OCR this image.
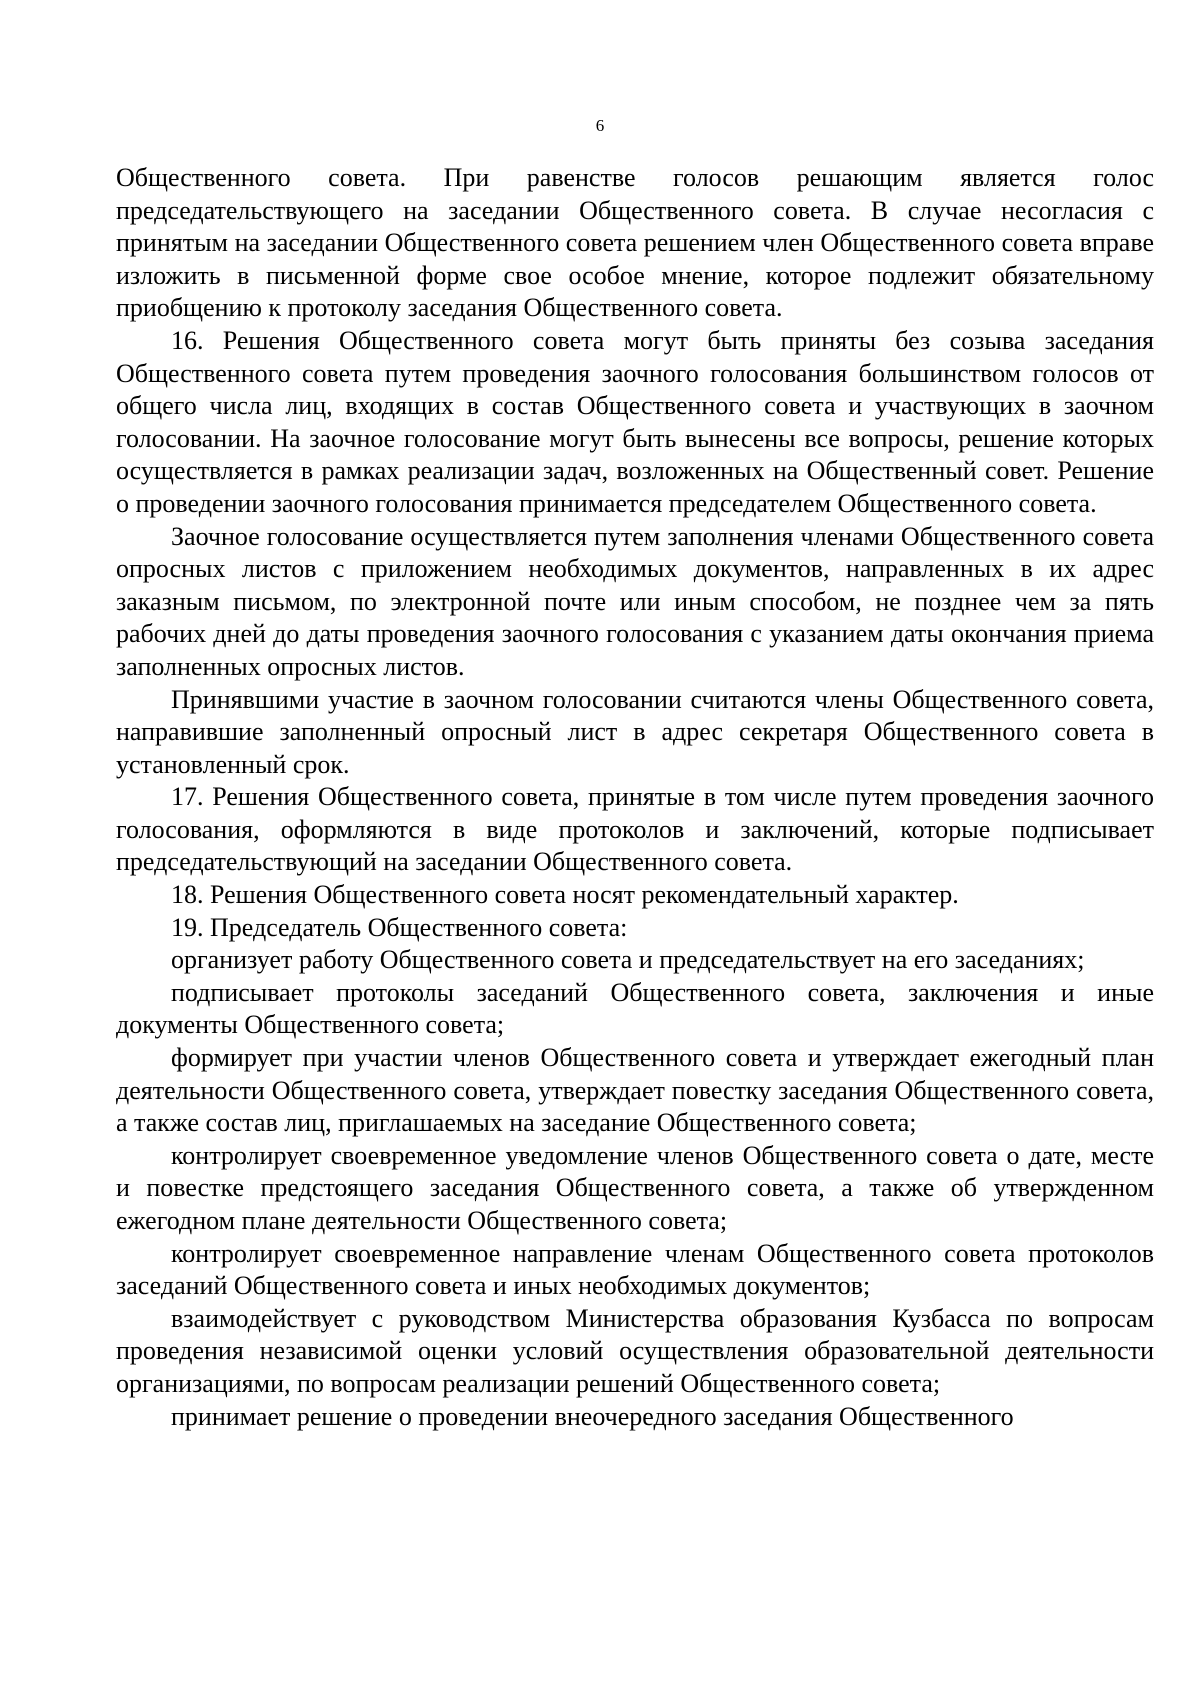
6

Общественного совета. При равенстве голосов решающим является голос председательствующего на заседании Общественного совета. В случае несогласия с принятым на заседании Общественного совета решением член Общественного совета вправе изложить в письменной форме свое особое мнение, которое подлежит обязательному приобщению к протоколу заседания Общественного совета.

16. Решения Общественного совета могут быть приняты без созыва заседания Общественного совета путем проведения заочного голосования большинством голосов от общего числа лиц, входящих в состав Общественного совета и участвующих в заочном голосовании. На заочное голосование могут быть вынесены все вопросы, решение которых осуществляется в рамках реализации задач, возложенных на Общественный совет. Решение о проведении заочного голосования принимается председателем Общественного совета.

Заочное голосование осуществляется путем заполнения членами Общественного совета опросных листов с приложением необходимых документов, направленных в их адрес заказным письмом, по электронной почте или иным способом, не позднее чем за пять рабочих дней до даты проведения заочного голосования с указанием даты окончания приема заполненных опросных листов.

Принявшими участие в заочном голосовании считаются члены Общественного совета, направившие заполненный опросный лист в адрес секретаря Общественного совета в установленный срок.

17. Решения Общественного совета, принятые в том числе путем проведения заочного голосования, оформляются в виде протоколов и заключений, которые подписывает председательствующий на заседании Общественного совета.

18. Решения Общественного совета носят рекомендательный характер.

19. Председатель Общественного совета:

организует работу Общественного совета и председательствует на его заседаниях;

подписывает протоколы заседаний Общественного совета, заключения и иные документы Общественного совета;

формирует при участии членов Общественного совета и утверждает ежегодный план деятельности Общественного совета, утверждает повестку заседания Общественного совета, а также состав лиц, приглашаемых на заседание Общественного совета;

контролирует своевременное уведомление членов Общественного совета о дате, месте и повестке предстоящего заседания Общественного совета, а также об утвержденном ежегодном плане деятельности Общественного совета;

контролирует своевременное направление членам Общественного совета протоколов заседаний Общественного совета и иных необходимых документов;

взаимодействует с руководством Министерства образования Кузбасса по вопросам проведения независимой оценки условий осуществления образовательной деятельности организациями, по вопросам реализации решений Общественного совета;

принимает решение о проведении внеочередного заседания Общественного
